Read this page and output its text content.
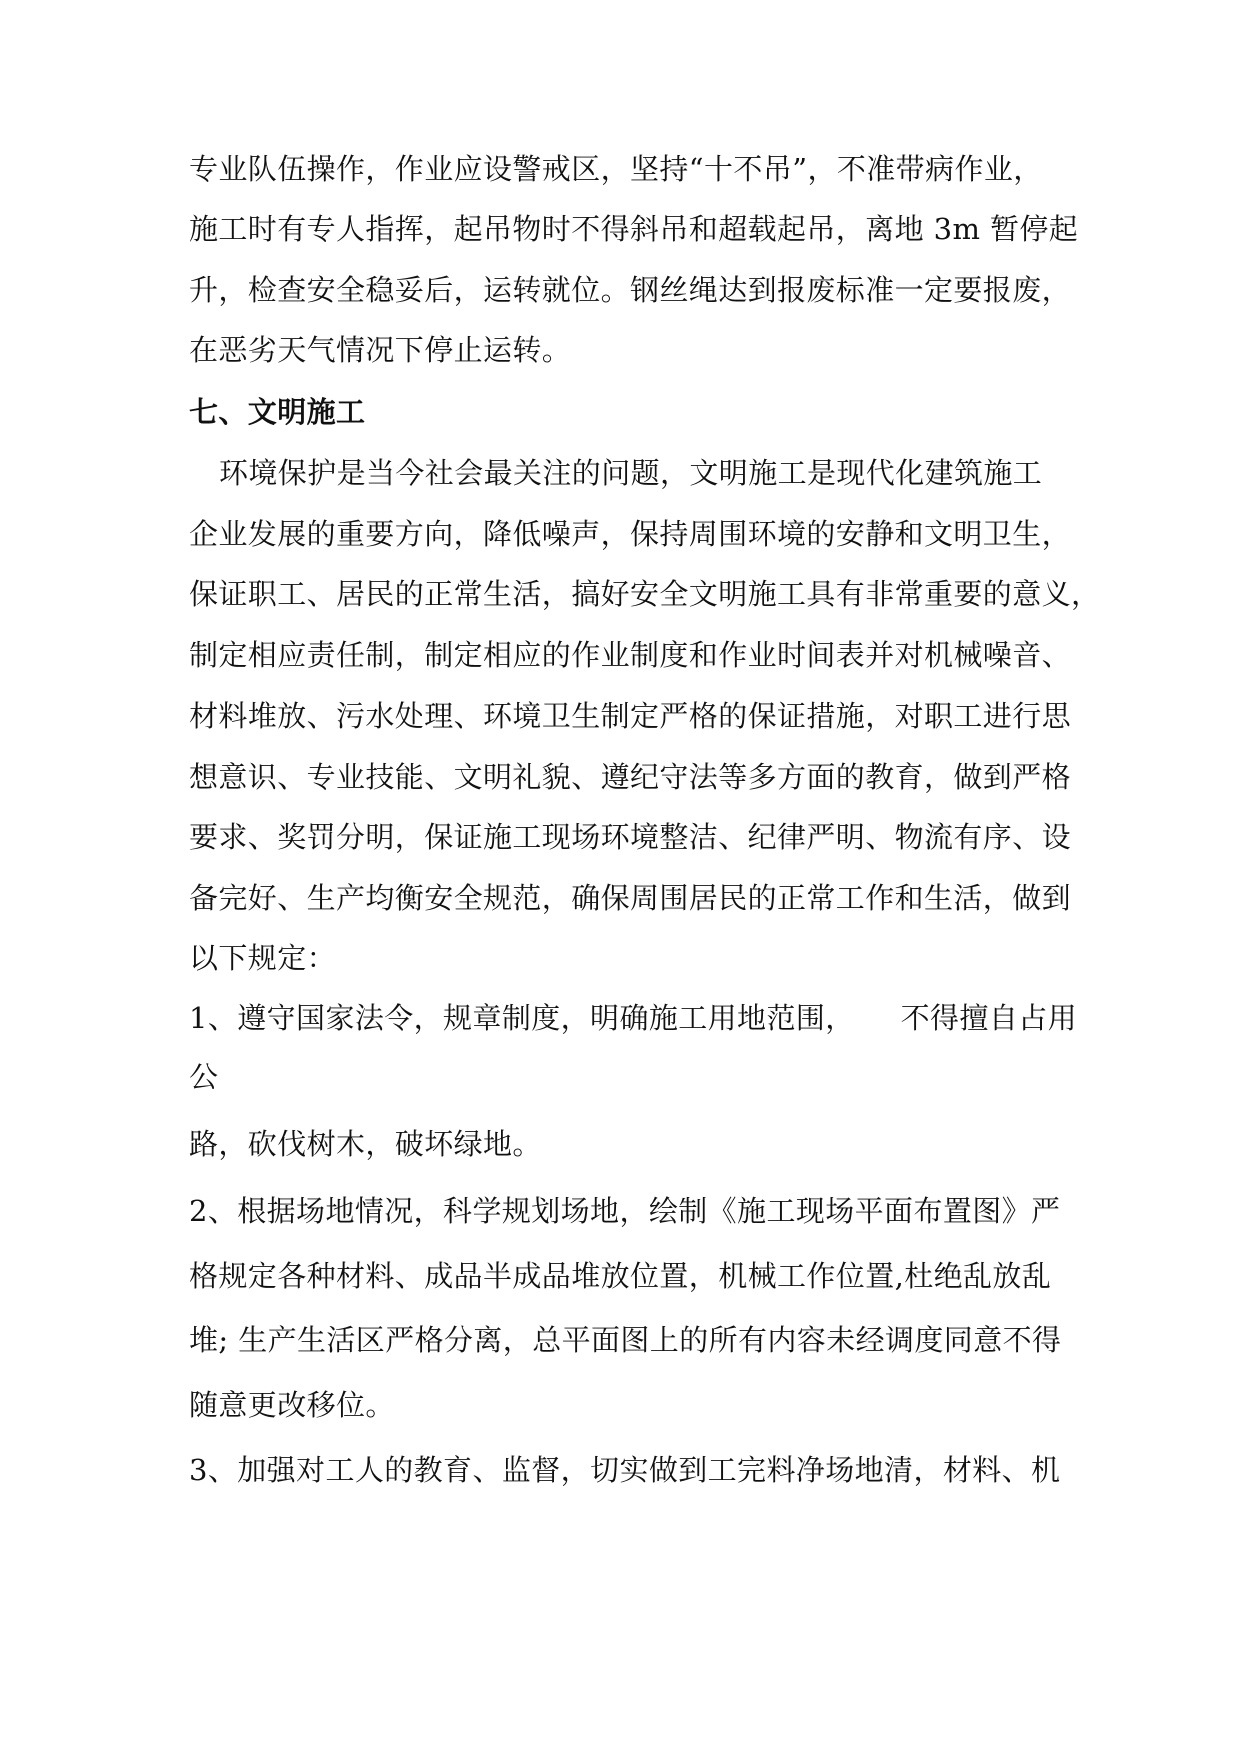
专业队伍操作，作业应设警戒区，坚持“十不吊”，不准带病作业，
施工时有专人指挥，起吊物时不得斜吊和超载起吊，离地 3m 暂停起
升，检查安全稳妥后，运转就位。钢丝绳达到报废标准一定要报废，
在恶劣天气情况下停止运转。
七、文明施工
环境保护是当今社会最关注的问题，文明施工是现代化建筑施工
企业发展的重要方向，降低噪声，保持周围环境的安静和文明卫生，
保证职工、居民的正常生活，搞好安全文明施工具有非常重要的意义，
制定相应责任制，制定相应的作业制度和作业时间表并对机械噪音、
材料堆放、污水处理、环境卫生制定严格的保证措施，对职工进行思
想意识、专业技能、文明礼貌、遵纪守法等多方面的教育，做到严格
要求、奖罚分明，保证施工现场环境整洁、纪律严明、物流有序、设
备完好、生产均衡安全规范，确保周围居民的正常工作和生活，做到
以下规定：
1、遵守国家法令，规章制度，明确施工用地范围， 不得擅自占用
公
路，砍伐树木，破坏绿地。
2、根据场地情况，科学规划场地，绘制《施工现场平面布置图》严
格规定各种材料、成品半成品堆放位置，机械工作位置,杜绝乱放乱
堆; 生产生活区严格分离，总平面图上的所有内容未经调度同意不得
随意更改移位。
3、加强对工人的教育、监督，切实做到工完料净场地清，材料、机
